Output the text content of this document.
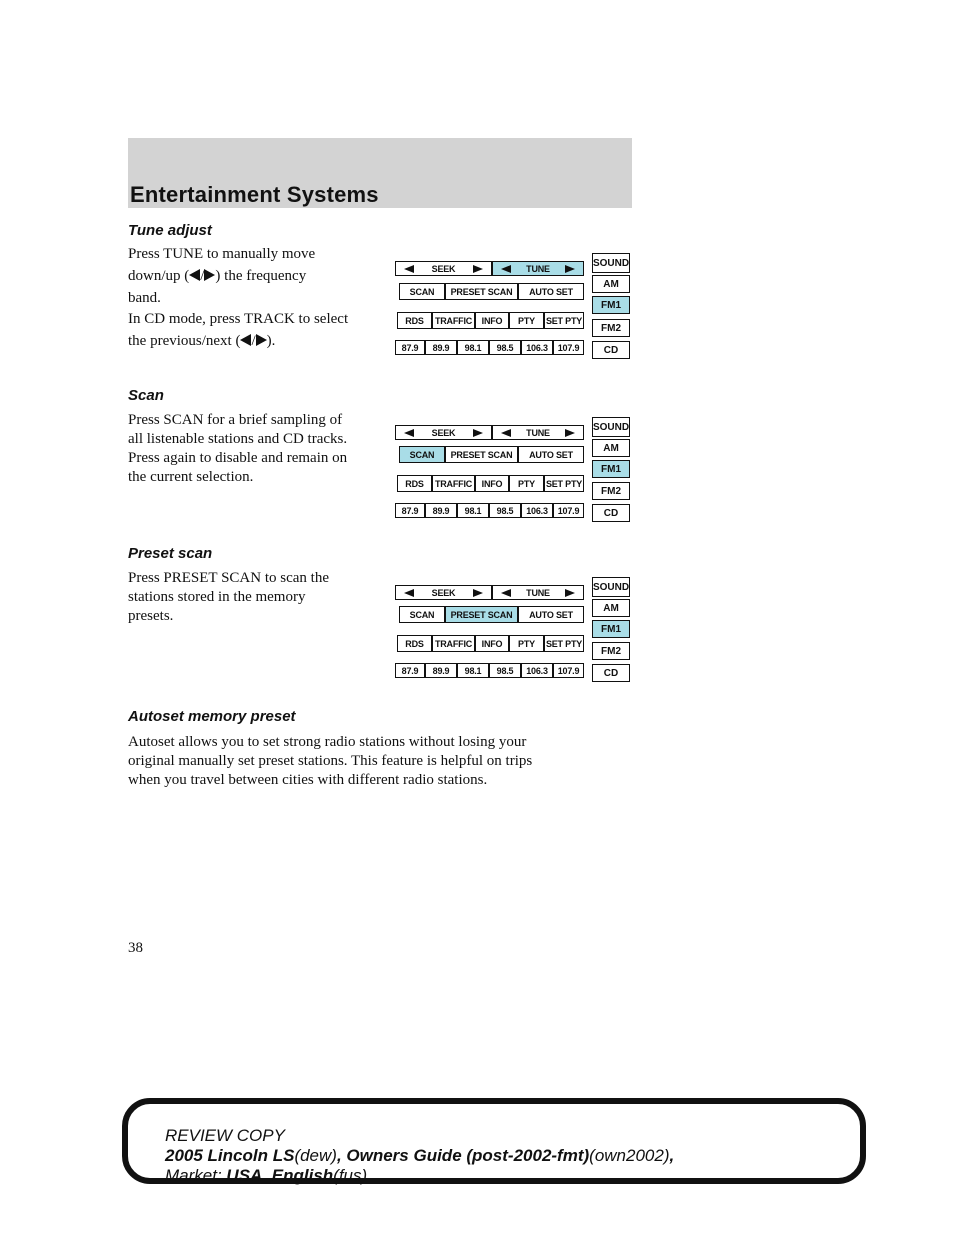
Entertainment Systems
Tune adjust
Press TUNE to manually move
down/up ( / ) the frequency
band.
In CD mode, press TRACK to select
the previous/next ( / ).
SEEK	TUNE
SCAN	PRESET SCAN	AUTO SET
RDS	TRAFFIC	INFO	PTY	SET PTY
87.9	89.9	98.1	98.5	106.3	107.9
SOUND
AM
FM1
FM2
CD
Scan
Press SCAN for a brief sampling of
all listenable stations and CD tracks.
Press again to disable and remain on
the current selection.
SEEK	TUNE
SCAN	PRESET SCAN	AUTO SET
RDS	TRAFFIC	INFO	PTY	SET PTY
87.9	89.9	98.1	98.5	106.3	107.9
SOUND
AM
FM1
FM2
CD
Preset scan
Press PRESET SCAN to scan the
stations stored in the memory
presets.
SEEK	TUNE
SCAN	PRESET SCAN	AUTO SET
RDS	TRAFFIC	INFO	PTY	SET PTY
87.9	89.9	98.1	98.5	106.3	107.9
SOUND
AM
FM1
FM2
CD
Autoset memory preset
Autoset allows you to set strong radio stations without losing your
original manually set preset stations. This feature is helpful on trips
when you travel between cities with different radio stations.
38
REVIEW COPY
2005 Lincoln LS(dew), Owners Guide (post-2002-fmt)(own2002),
Market: USA_English(fus)
